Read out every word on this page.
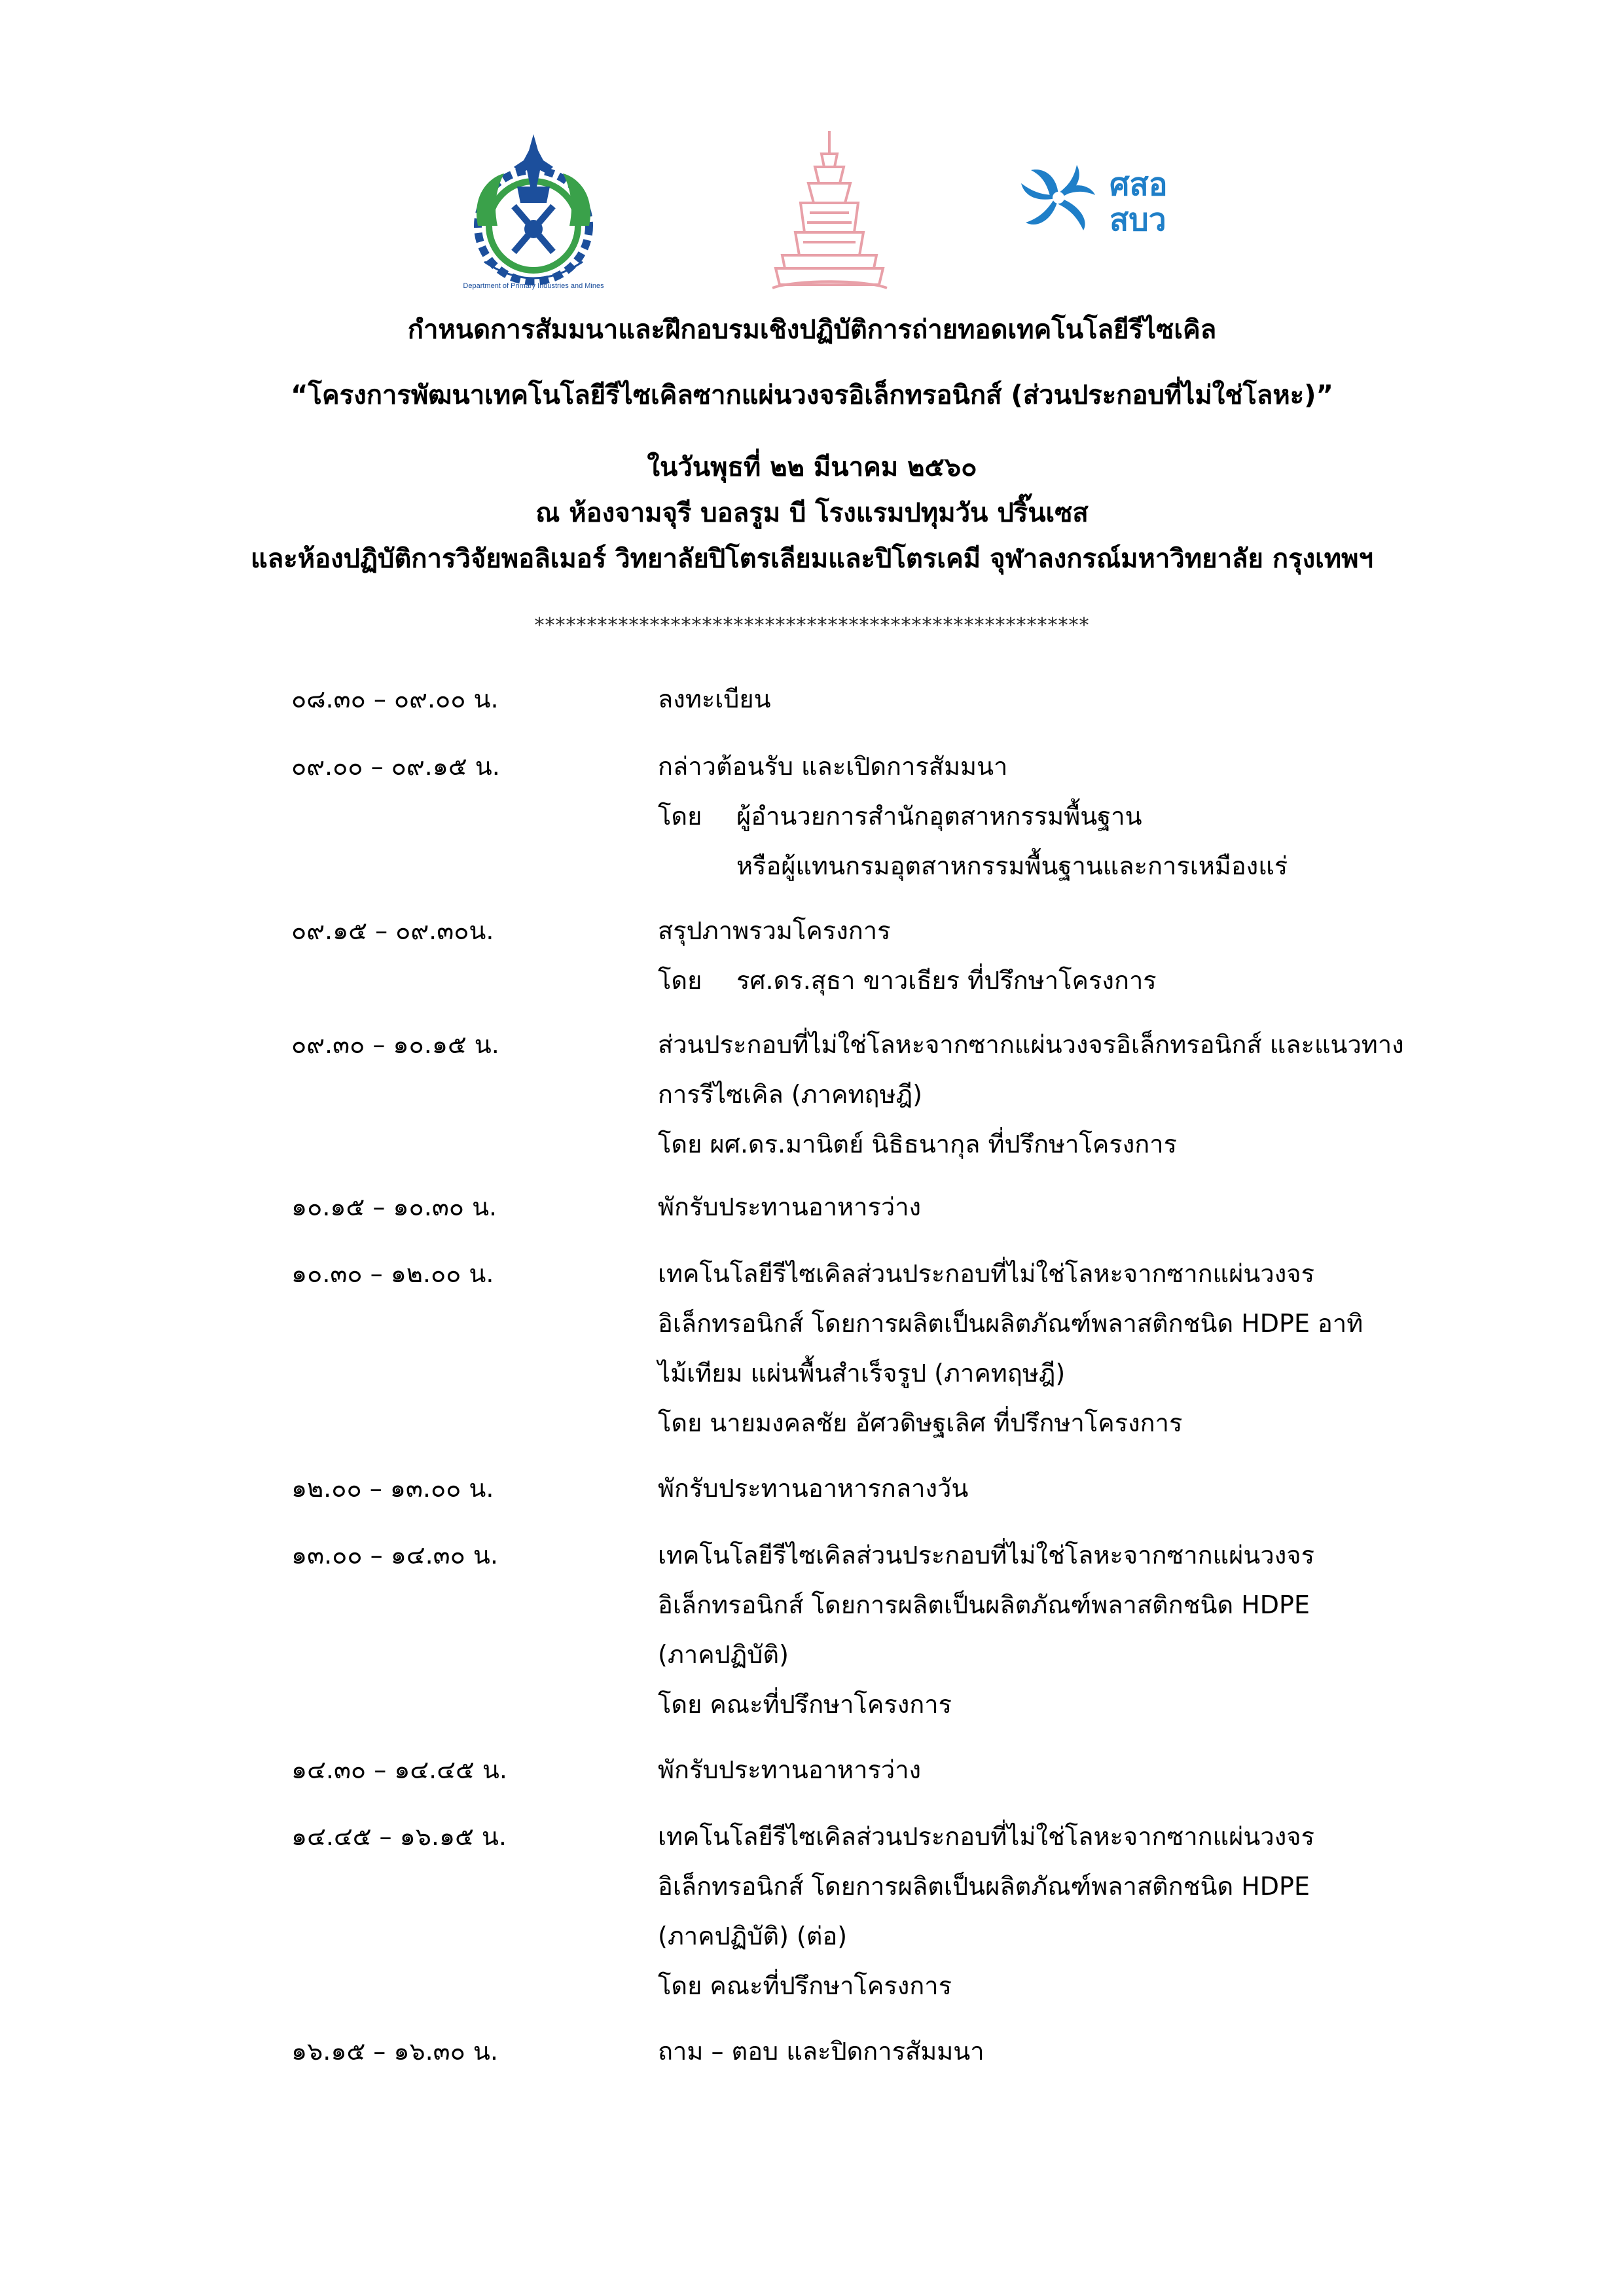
Department of Primary Industries and Mines
ศสอ
สบว
กำหนดการสัมมนาและฝึกอบรมเชิงปฏิบัติการถ่ายทอดเทคโนโลยีรีไซเคิล
“โครงการพัฒนาเทคโนโลยีรีไซเคิลซากแผ่นวงจรอิเล็กทรอนิกส์ (ส่วนประกอบที่ไม่ใช่โลหะ)”
ในวันพุธที่ ๒๒ มีนาคม ๒๕๖๐
ณ ห้องจามจุรี บอลรูม บี โรงแรมปทุมวัน ปริ๊นเซส
และห้องปฏิบัติการวิจัยพอลิเมอร์ วิทยาลัยปิโตรเลียมและปิโตรเคมี จุฬาลงกรณ์มหาวิทยาลัย กรุงเทพฯ
*****************************************************
๐๘.๓๐ – ๐๙.๐๐ น.	ลงทะเบียน

๐๙.๐๐ – ๐๙.๑๕ น.	กล่าวต้อนรับ และเปิดการสัมมนา

โดย ผู้อำนวยการสำนักอุตสาหกรรมพื้นฐาน

หรือผู้แทนกรมอุตสาหกรรมพื้นฐานและการเหมืองแร่

๐๙.๑๕ – ๐๙.๓๐น.	สรุปภาพรวมโครงการ

โดย รศ.ดร.สุธา ขาวเธียร ที่ปรึกษาโครงการ

๐๙.๓๐ – ๑๐.๑๕ น.	ส่วนประกอบที่ไม่ใช่โลหะจากซากแผ่นวงจรอิเล็กทรอนิกส์ และแนวทาง

การรีไซเคิล (ภาคทฤษฎี)

โดย ผศ.ดร.มานิตย์ นิธิธนากุล ที่ปรึกษาโครงการ

๑๐.๑๕ – ๑๐.๓๐ น.	พักรับประทานอาหารว่าง

๑๐.๓๐ – ๑๒.๐๐ น.	เทคโนโลยีรีไซเคิลส่วนประกอบที่ไม่ใช่โลหะจากซากแผ่นวงจร

อิเล็กทรอนิกส์ โดยการผลิตเป็นผลิตภัณฑ์พลาสติกชนิด HDPE อาทิ

ไม้เทียม แผ่นพื้นสำเร็จรูป (ภาคทฤษฎี)

โดย นายมงคลชัย อัศวดิษฐเลิศ ที่ปรึกษาโครงการ

๑๒.๐๐ – ๑๓.๐๐ น.	พักรับประทานอาหารกลางวัน

๑๓.๐๐ – ๑๔.๓๐ น.	เทคโนโลยีรีไซเคิลส่วนประกอบที่ไม่ใช่โลหะจากซากแผ่นวงจร

อิเล็กทรอนิกส์ โดยการผลิตเป็นผลิตภัณฑ์พลาสติกชนิด HDPE

(ภาคปฏิบัติ)

โดย คณะที่ปรึกษาโครงการ

๑๔.๓๐ – ๑๔.๔๕ น.	พักรับประทานอาหารว่าง

๑๔.๔๕ – ๑๖.๑๕ น.	เทคโนโลยีรีไซเคิลส่วนประกอบที่ไม่ใช่โลหะจากซากแผ่นวงจร

อิเล็กทรอนิกส์ โดยการผลิตเป็นผลิตภัณฑ์พลาสติกชนิด HDPE

(ภาคปฏิบัติ) (ต่อ)

โดย คณะที่ปรึกษาโครงการ

๑๖.๑๕ – ๑๖.๓๐ น.	ถาม – ตอบ และปิดการสัมมนา
